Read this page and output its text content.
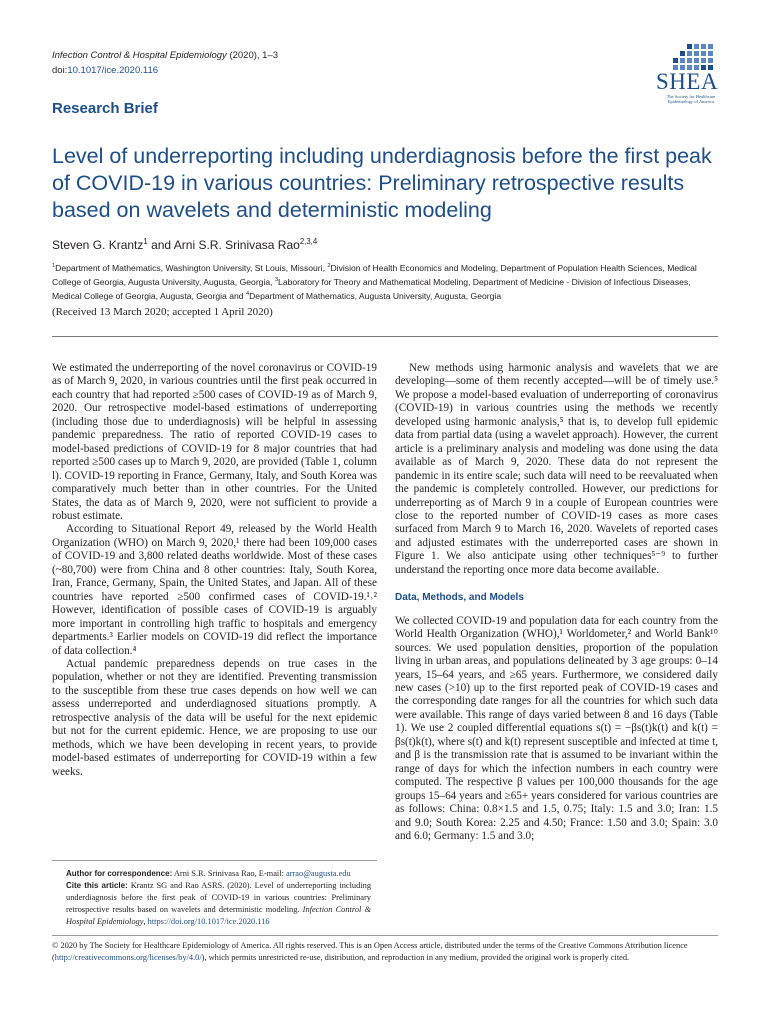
Infection Control & Hospital Epidemiology (2020), 1–3
doi:10.1017/ice.2020.116	SHEA
The Society for Healthcare Epidemiology of America
Research Brief
Level of underreporting including underdiagnosis before the first peak of COVID-19 in various countries: Preliminary retrospective results based on wavelets and deterministic modeling
Steven G. Krantz$^1$ and Arni S.R. Srinivasa Rao$^{2,3,4}$
$^1$Department of Mathematics, Washington University, St Louis, Missouri, $^2$Division of Health Economics and Modeling, Department of Population Health Sciences, Medical College of Georgia, Augusta University, Augusta, Georgia, $^3$Laboratory for Theory and Mathematical Modeling, Department of Medicine - Division of Infectious Diseases, Medical College of Georgia, Augusta, Georgia and $^4$Department of Mathematics, Augusta University, Augusta, Georgia
(Received 13 March 2020; accepted 1 April 2020)

We estimated the underreporting of the novel coronavirus or COVID-19 as of March 9, 2020, in various countries until the first peak occurred in each country that had reported ≥500 cases of COVID-19 as of March 9, 2020. Our retrospective model-based estimations of underreporting (including those due to underdiagnosis) will be helpful in assessing pandemic preparedness. The ratio of reported COVID-19 cases to model-based predictions of COVID-19 for 8 major countries that had reported ≥500 cases up to March 9, 2020, are provided (Table 1, column l). COVID-19 reporting in France, Germany, Italy, and South Korea was comparatively much better than in other countries. For the United States, the data as of March 9, 2020, were not sufficient to provide a robust estimate.

According to Situational Report 49, released by the World Health Organization (WHO) on March 9, 2020,¹ there had been 109,000 cases of COVID-19 and 3,800 related deaths worldwide. Most of these cases (~80,700) were from China and 8 other countries: Italy, South Korea, Iran, France, Germany, Spain, the United States, and Japan. All of these countries have reported ≥500 confirmed cases of COVID-19.¹˒² However, identification of possible cases of COVID-19 is arguably more important in controlling high traffic to hospitals and emergency departments.³ Earlier models on COVID-19 did reflect the importance of data collection.⁴

Actual pandemic preparedness depends on true cases in the population, whether or not they are identified. Preventing transmission to the susceptible from these true cases depends on how well we can assess underreported and underdiagnosed situations promptly. A retrospective analysis of the data will be useful for the next epidemic but not for the current epidemic. Hence, we are proposing to use our methods, which we have been developing in recent years, to provide model-based estimates of underreporting for COVID-19 within a few weeks.

New methods using harmonic analysis and wavelets that we are developing—some of them recently accepted—will be of timely use.⁵ We propose a model-based evaluation of underreporting of coronavirus (COVID-19) in various countries using the methods we recently developed using harmonic analysis,⁵ that is, to develop full epidemic data from partial data (using a wavelet approach). However, the current article is a preliminary analysis and modeling was done using the data available as of March 9, 2020. These data do not represent the pandemic in its entire scale; such data will need to be reevaluated when the pandemic is completely controlled. However, our predictions for underreporting as of March 9 in a couple of European countries were close to the reported number of COVID-19 cases as more cases surfaced from March 9 to March 16, 2020. Wavelets of reported cases and adjusted estimates with the underreported cases are shown in Figure 1. We also anticipate using other techniques⁵⁻⁹ to further understand the reporting once more data become available.

Data, Methods, and Models

We collected COVID-19 and population data for each country from the World Health Organization (WHO),¹ Worldometer,² and World Bank¹⁰ sources. We used population densities, proportion of the population living in urban areas, and populations delineated by 3 age groups: 0–14 years, 15–64 years, and ≥65 years. Furthermore, we considered daily new cases (>10) up to the first reported peak of COVID-19 cases and the corresponding date ranges for all the countries for which such data were available. This range of days varied between 8 and 16 days (Table 1). We use 2 coupled differential equations s(t) = −βs(t)k(t) and k(t) = βs(t)k(t), where s(t) and k(t) represent susceptible and infected at time t, and β is the transmission rate that is assumed to be invariant within the range of days for which the infection numbers in each country were computed. The respective β values per 100,000 thousands for the age groups 15–64 years and ≥65+ years considered for various countries are as follows: China: 0.8×1.5 and 1.5, 0.75; Italy: 1.5 and 3.0; Iran: 1.5 and 9.0; South Korea: 2.25 and 4.50; France: 1.50 and 3.0; Spain: 3.0 and 6.0; Germany: 1.5 and 3.0;

Author for correspondence: Arni S.R. Srinivasa Rao, E-mail: arrao@augusta.edu
Cite this article: Krantz SG and Rao ASRS. (2020). Level of underreporting including underdiagnosis before the first peak of COVID-19 in various countries: Preliminary retrospective results based on wavelets and deterministic modeling. Infection Control & Hospital Epidemiology, https://doi.org/10.1017/ice.2020.116
© 2020 by The Society for Healthcare Epidemiology of America. All rights reserved. This is an Open Access article, distributed under the terms of the Creative Commons Attribution licence (http://creativecommons.org/licenses/by/4.0/), which permits unrestricted re-use, distribution, and reproduction in any medium, provided the original work is properly cited.
